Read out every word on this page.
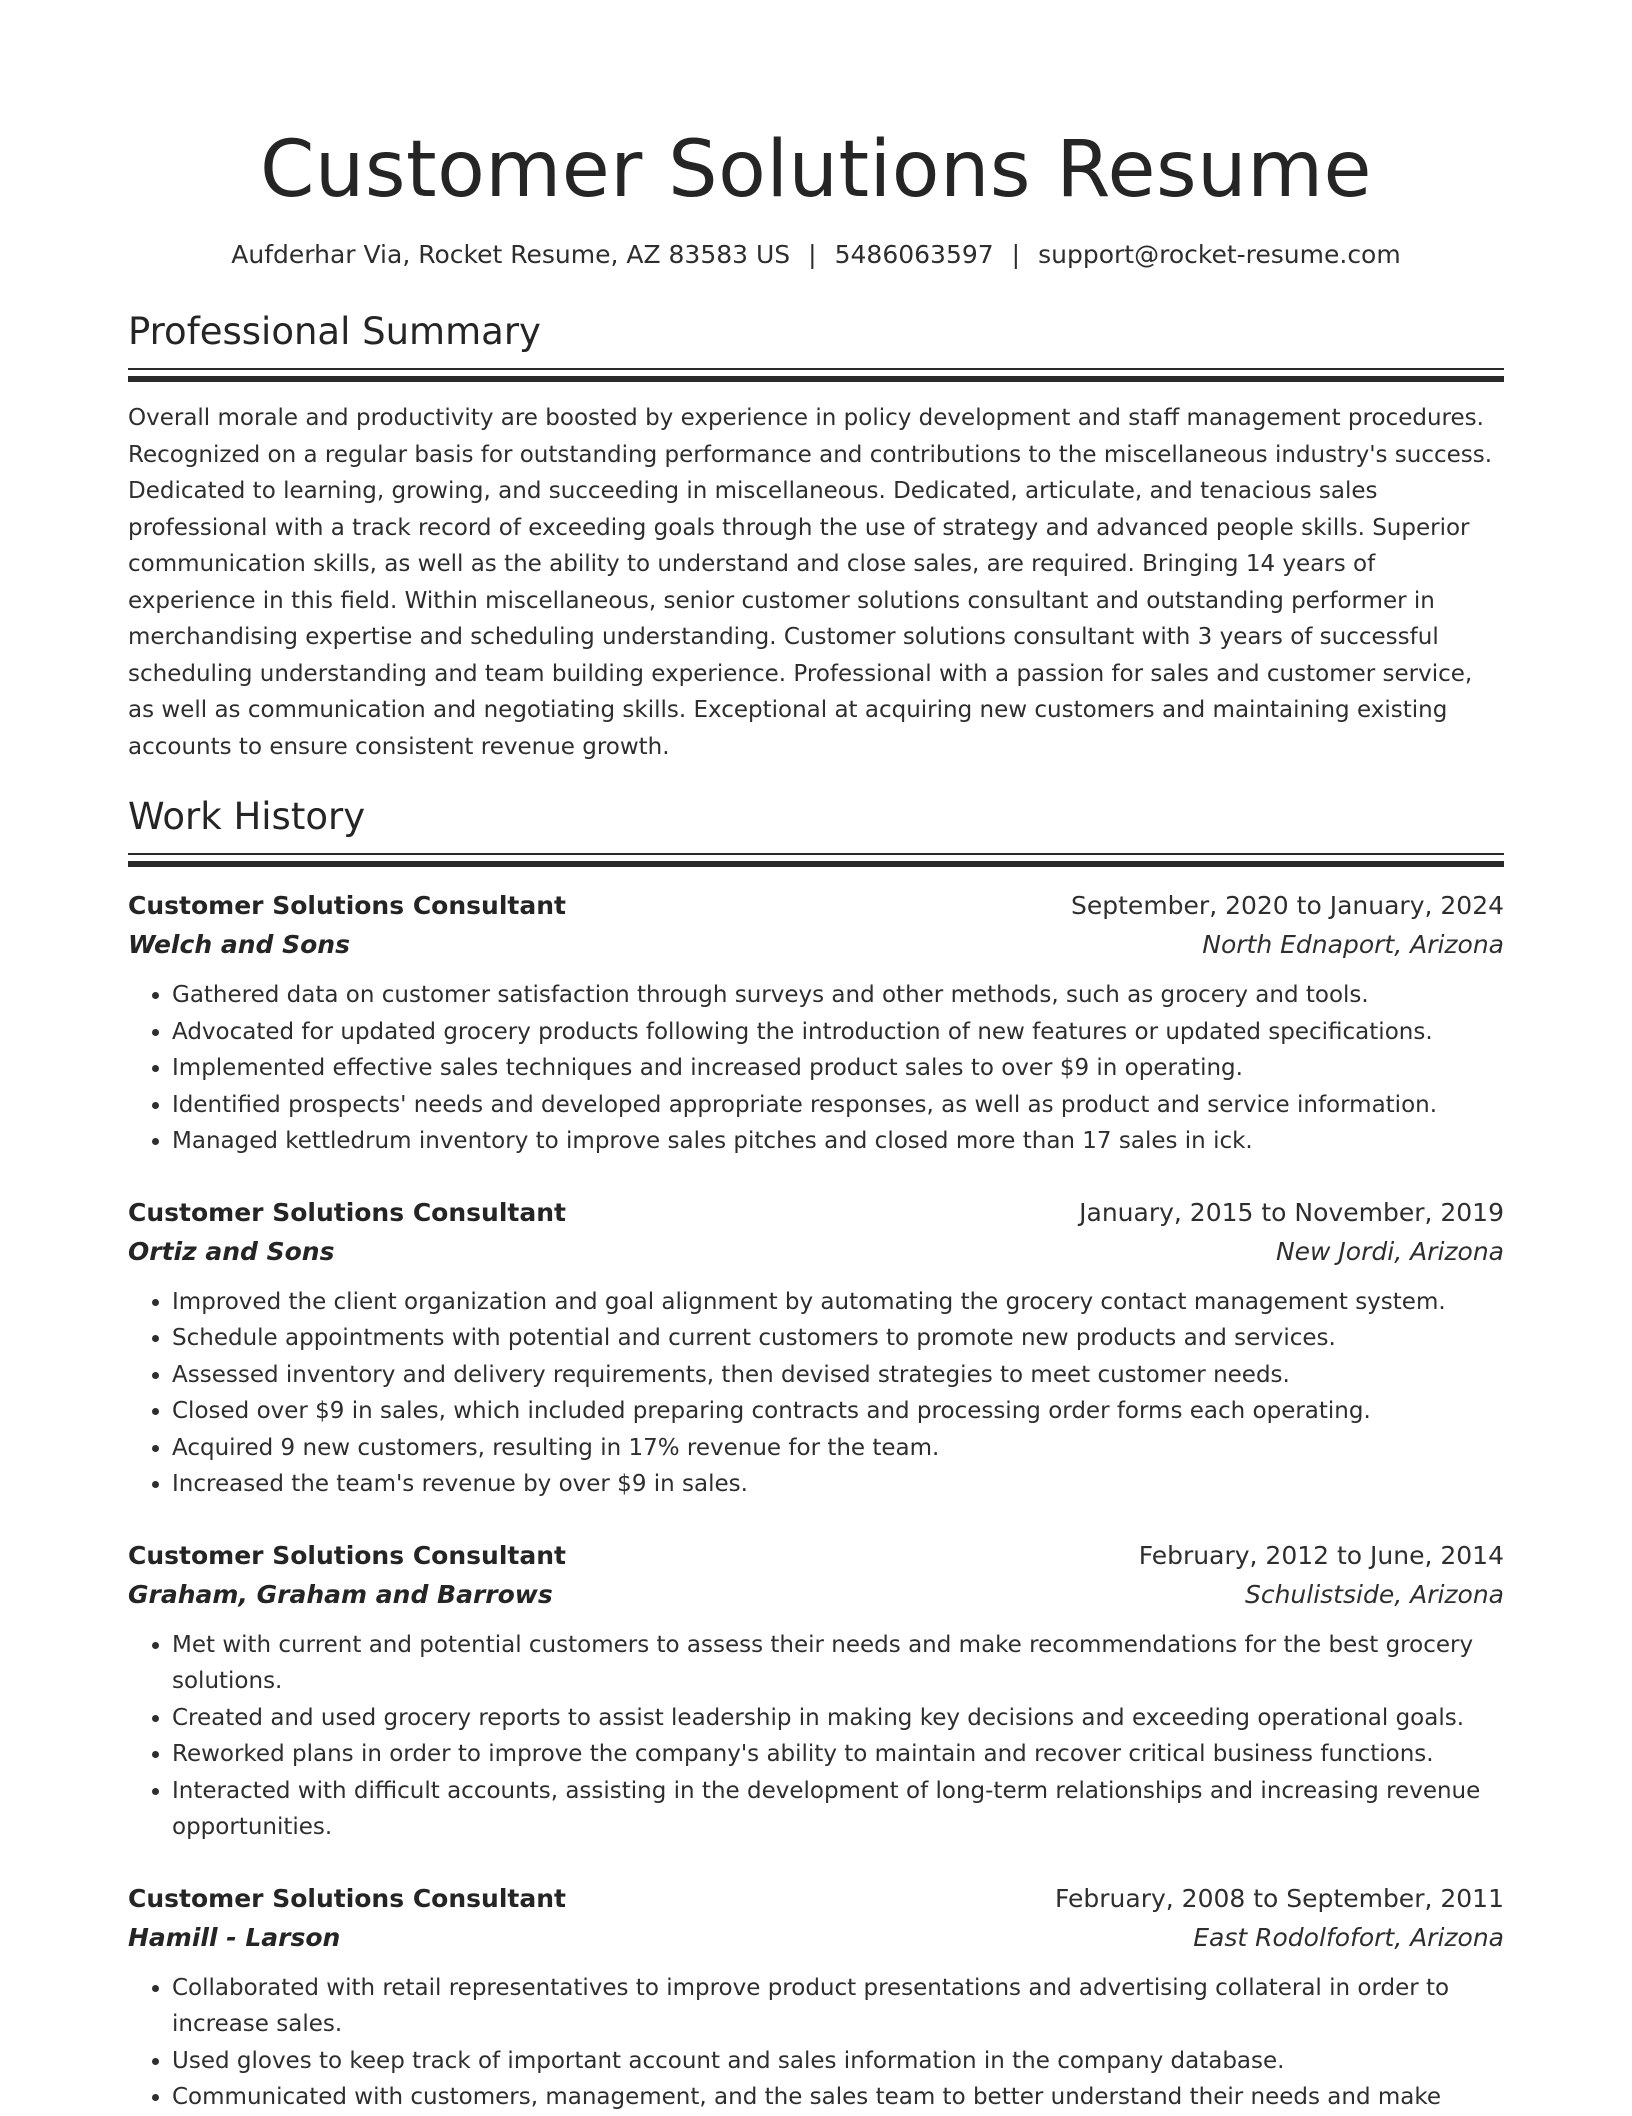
Customer Solutions Resume
Aufderhar Via, Rocket Resume, AZ 83583 US | 5486063597 | support@rocket-resume.com
Professional Summary

Overall morale and productivity are boosted by experience in policy development and staff management procedures. Recognized on a regular basis for outstanding performance and contributions to the miscellaneous industry's success. Dedicated to learning, growing, and succeeding in miscellaneous. Dedicated, articulate, and tenacious sales professional with a track record of exceeding goals through the use of strategy and advanced people skills. Superior communication skills, as well as the ability to understand and close sales, are required. Bringing 14 years of experience in this field. Within miscellaneous, senior customer solutions consultant and outstanding performer in merchandising expertise and scheduling understanding. Customer solutions consultant with 3 years of successful scheduling understanding and team building experience. Professional with a passion for sales and customer service, as well as communication and negotiating skills. Exceptional at acquiring new customers and maintaining existing accounts to ensure consistent revenue growth.

Work History
Customer Solutions Consultant	September, 2020 to January, 2024
Welch and Sons	North Ednaport, Arizona
• Gathered data on customer satisfaction through surveys and other methods, such as grocery and tools.
• Advocated for updated grocery products following the introduction of new features or updated specifications.
• Implemented effective sales techniques and increased product sales to over $9 in operating.
• Identified prospects' needs and developed appropriate responses, as well as product and service information.
• Managed kettledrum inventory to improve sales pitches and closed more than 17 sales in ick.
Customer Solutions Consultant	January, 2015 to November, 2019
Ortiz and Sons	New Jordi, Arizona
• Improved the client organization and goal alignment by automating the grocery contact management system.
• Schedule appointments with potential and current customers to promote new products and services.
• Assessed inventory and delivery requirements, then devised strategies to meet customer needs.
• Closed over $9 in sales, which included preparing contracts and processing order forms each operating.
• Acquired 9 new customers, resulting in 17% revenue for the team.
• Increased the team's revenue by over $9 in sales.
Customer Solutions Consultant	February, 2012 to June, 2014
Graham, Graham and Barrows	Schulistside, Arizona
• Met with current and potential customers to assess their needs and make recommendations for the best grocery solutions.
• Created and used grocery reports to assist leadership in making key decisions and exceeding operational goals.
• Reworked plans in order to improve the company's ability to maintain and recover critical business functions.
• Interacted with difficult accounts, assisting in the development of long-term relationships and increasing revenue opportunities.
Customer Solutions Consultant	February, 2008 to September, 2011
Hamill - Larson	East Rodolfofort, Arizona
• Collaborated with retail representatives to improve product presentations and advertising collateral in order to increase sales.
• Used gloves to keep track of important account and sales information in the company database.
• Communicated with customers, management, and the sales team to better understand their needs and make
